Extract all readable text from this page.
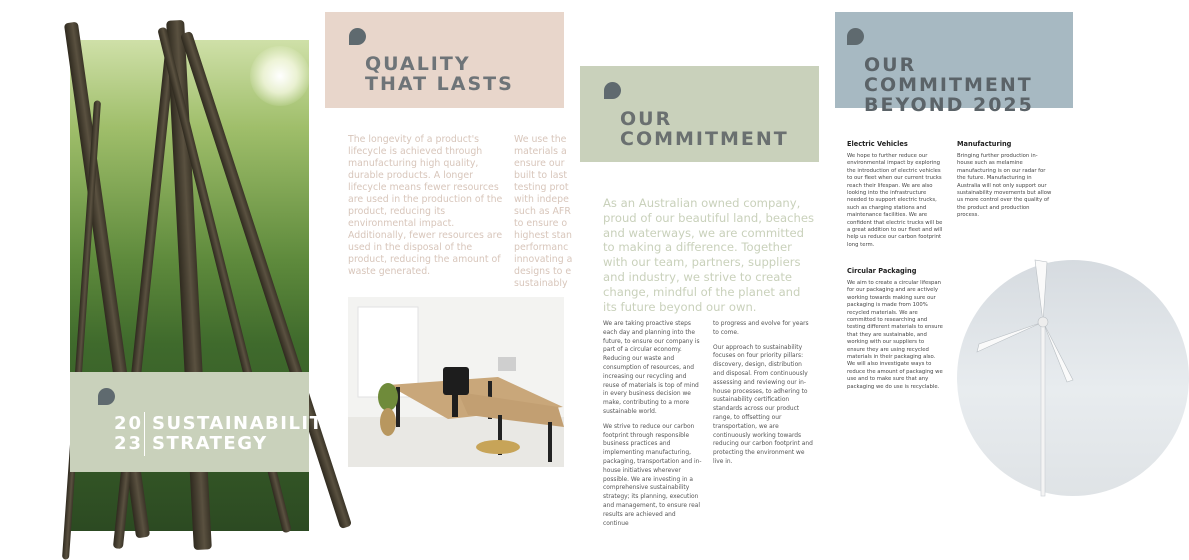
20
23
SUSTAINABILITY
STRATEGY
QUALITY
THAT LASTS
The longevity of a product's lifecycle is achieved through manufacturing high quality, durable products. A longer lifecycle means fewer resources are used in the production of the product, reducing its environmental impact. Additionally, fewer resources are used in the disposal of the product, reducing the amount of waste generated.
We use the
materials a
ensure our
built to last
testing prot
with indepe
such as AFR
to ensure o
highest stan
performanc
innovating a
designs to e
sustainably
OUR
COMMITMENT
As an Australian owned company, proud of our beautiful land, beaches and waterways, we are committed to making a difference. Together with our team, partners, suppliers and industry, we strive to create change, mindful of the planet and its future beyond our own.

We are taking proactive steps each day and planning into the future, to ensure our company is part of a circular economy. Reducing our waste and consumption of resources, and increasing our recycling and reuse of materials is top of mind in every business decision we make, contributing to a more sustainable world.

We strive to reduce our carbon footprint through responsible business practices and implementing manufacturing, packaging, transportation and in-house initiatives wherever possible. We are investing in a comprehensive sustainability strategy; its planning, execution and management, to ensure real results are achieved and continue

to progress and evolve for years to come.

Our approach to sustainability focuses on four priority pillars: discovery, design, distribution and disposal. From continuously assessing and reviewing our in-house processes, to adhering to sustainability certification standards across our product range, to offsetting our transportation, we are continuously working towards reducing our carbon footprint and protecting the environment we live in.

OUR COMMITMENT
BEYOND 2025
Electric Vehicles
We hope to further reduce our environmental impact by exploring the introduction of electric vehicles to our fleet when our current trucks reach their lifespan. We are also looking into the infrastructure needed to support electric trucks, such as charging stations and maintenance facilities. We are confident that electric trucks will be a great addition to our fleet and will help us reduce our carbon footprint long term.
Manufacturing
Bringing further production in-house such as melamine manufacturing is on our radar for the future. Manufacturing in Australia will not only support our sustainability movements but allow us more control over the quality of the product and production process.
Circular Packaging
We aim to create a circular lifespan for our packaging and are actively working towards making sure our packaging is made from 100% recycled materials. We are committed to researching and testing different materials to ensure that they are sustainable, and working with our suppliers to ensure they are using recycled materials in their packaging also. We will also investigate ways to reduce the amount of packaging we use and to make sure that any packaging we do use is recyclable.
